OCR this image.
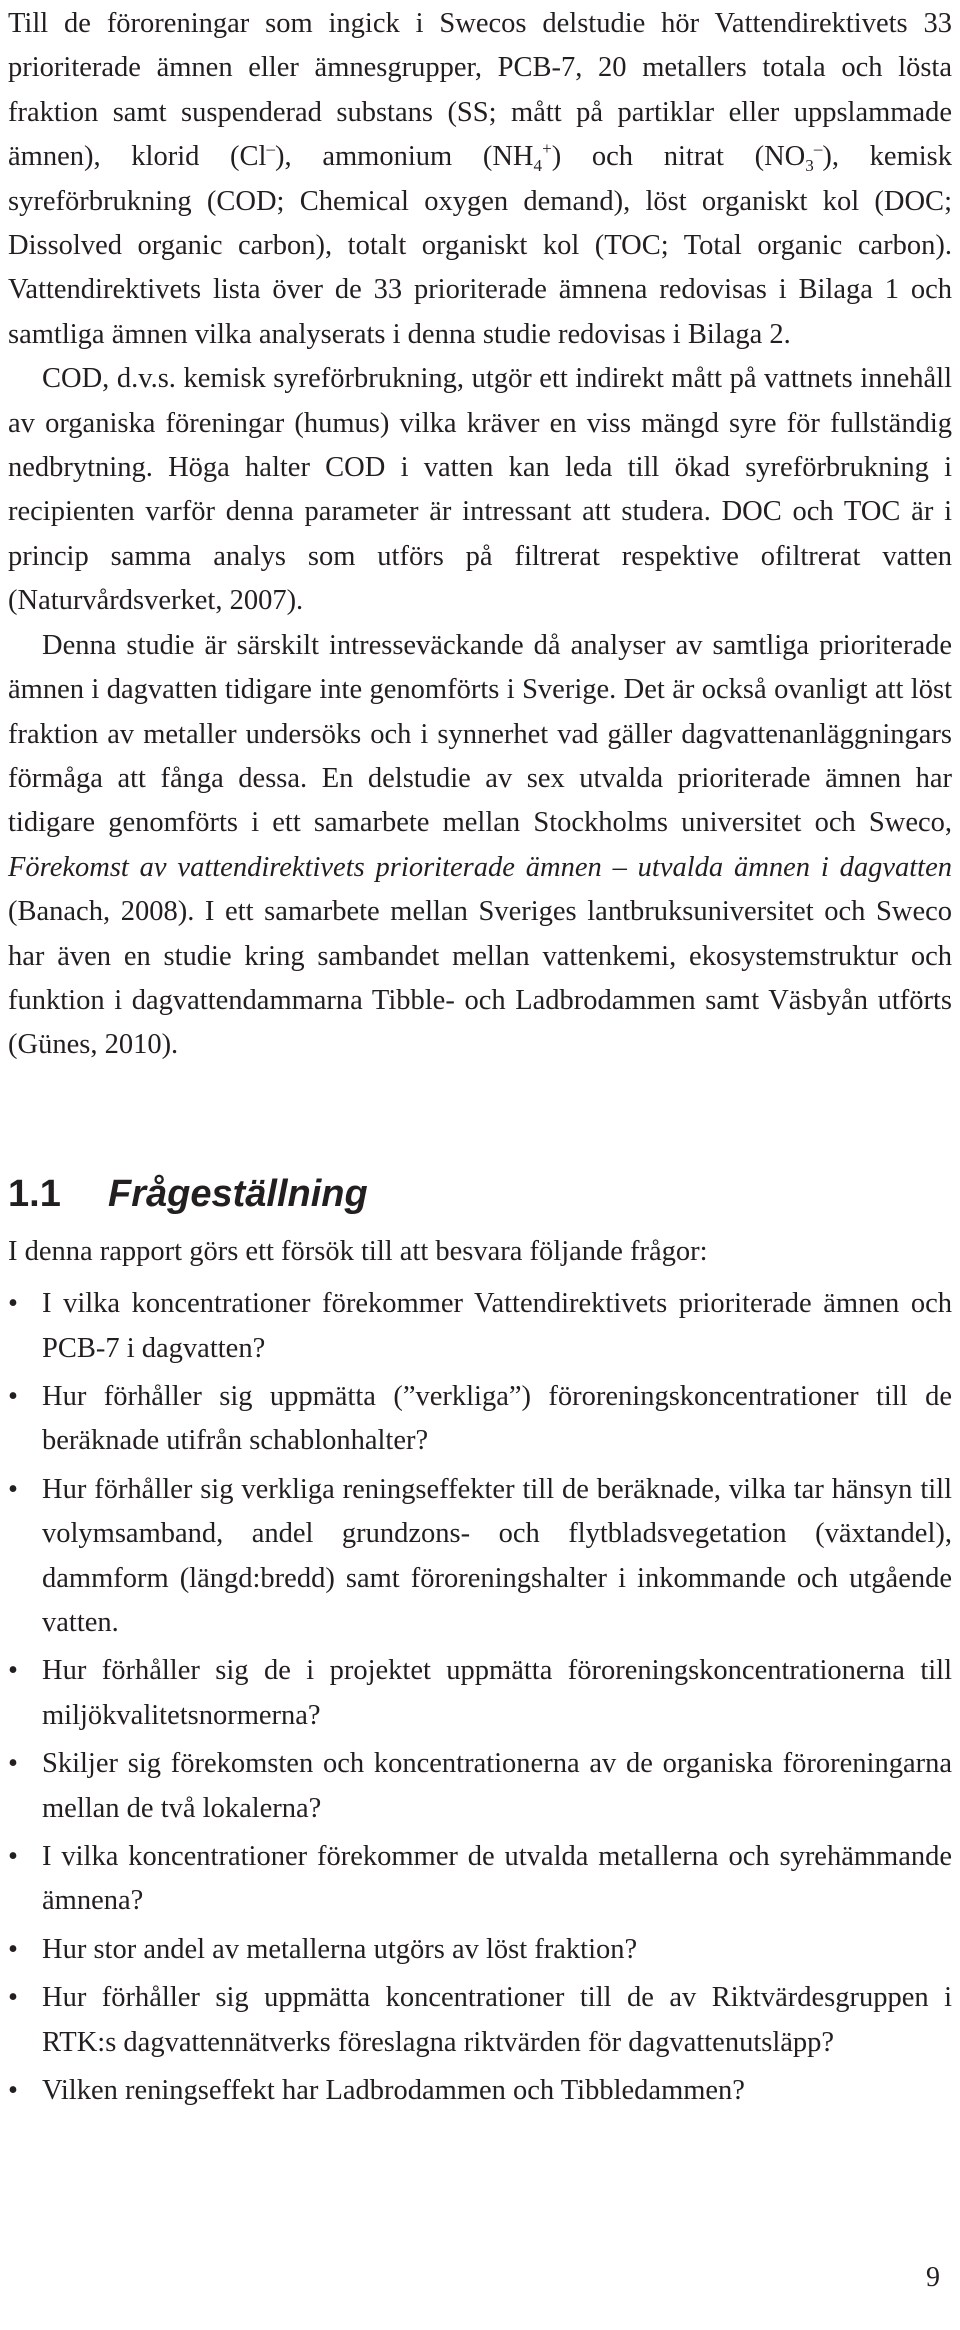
Till de föroreningar som ingick i Swecos delstudie hör Vattendirektivets 33 prioriterade ämnen eller ämnesgrupper, PCB-7, 20 metallers totala och lösta fraktion samt suspenderad substans (SS; mått på partiklar eller uppslammade ämnen), klorid (Cl–), ammonium $(NH_4^+)$ och nitrat $(NO_3^-)$, kemisk syreförbrukning (COD; Chemical oxygen demand), löst organiskt kol (DOC; Dissolved organic carbon), totalt organiskt kol (TOC; Total organic carbon). Vattendirektivets lista över de 33 prioriterade ämnena redovisas i Bilaga 1 och samtliga ämnen vilka analyserats i denna studie redovisas i Bilaga 2.

COD, d.v.s. kemisk syreförbrukning, utgör ett indirekt mått på vattnets innehåll av organiska föreningar (humus) vilka kräver en viss mängd syre för fullständig nedbrytning. Höga halter COD i vatten kan leda till ökad syreförbrukning i recipienten varför denna parameter är intressant att studera. DOC och TOC är i princip samma analys som utförs på filtrerat respektive ofiltrerat vatten (Naturvårdsverket, 2007).

Denna studie är särskilt intresseväckande då analyser av samtliga prioriterade ämnen i dagvatten tidigare inte genomförts i Sverige. Det är också ovanligt att löst fraktion av metaller undersöks och i synnerhet vad gäller dagvattenanläggningars förmåga att fånga dessa. En delstudie av sex utvalda prioriterade ämnen har tidigare genomförts i ett samarbete mellan Stockholms universitet och Sweco, Förekomst av vattendirektivets prioriterade ämnen – utvalda ämnen i dagvatten (Banach, 2008). I ett samarbete mellan Sveriges lantbruksuniversitet och Sweco har även en studie kring sambandet mellan vattenkemi, ekosystemstruktur och funktion i dagvattendammarna Tibble- och Ladbrodammen samt Väsbyån utförts (Günes, 2010).

1.1 Frågeställning

I denna rapport görs ett försök till att besvara följande frågor:

• I vilka koncentrationer förekommer Vattendirektivets prioriterade ämnen och PCB-7 i dagvatten?
• Hur förhåller sig uppmätta (”verkliga”) föroreningskoncentrationer till de beräknade utifrån schablonhalter?
• Hur förhåller sig verkliga reningseffekter till de beräknade, vilka tar hänsyn till volymsamband, andel grundzons- och flytbladsvegetation (växtandel), dammform (längd:bredd) samt föroreningshalter i inkommande och utgående vatten.
• Hur förhåller sig de i projektet uppmätta föroreningskoncentrationerna till miljökvalitetsnormerna?
• Skiljer sig förekomsten och koncentrationerna av de organiska föroreningarna mellan de två lokalerna?
• I vilka koncentrationer förekommer de utvalda metallerna och syrehämmande ämnena?
• Hur stor andel av metallerna utgörs av löst fraktion?
• Hur förhåller sig uppmätta koncentrationer till de av Riktvärdesgruppen i RTK:s dagvattennätverks föreslagna riktvärden för dagvattenutsläpp?
• Vilken reningseffekt har Ladbrodammen och Tibbledammen?
9
